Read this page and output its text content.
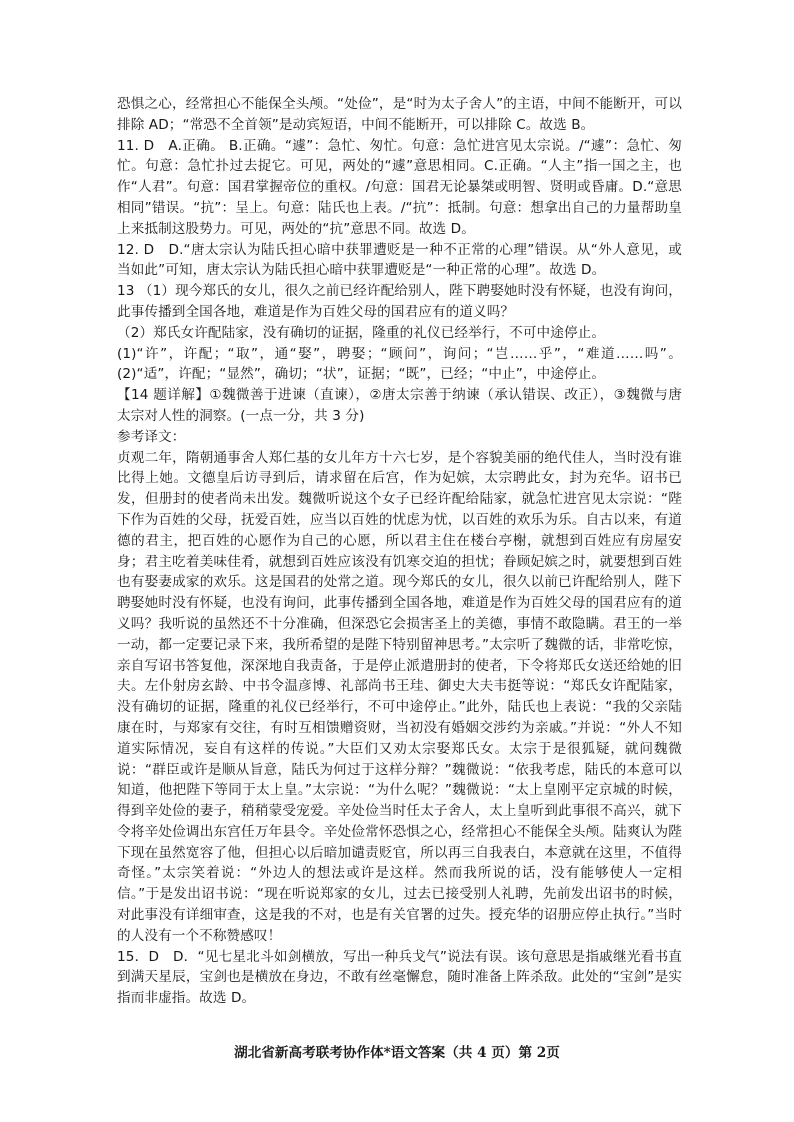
恐惧之心，经常担心不能保全头颅。“处俭”，是“时为太子舍人”的主语，中间不能断开，可以排除 AD；“常恐不全首领”是动宾短语，中间不能断开，可以排除 C。故选 B。

11. D　A.正确。 B.正确。“遽”：急忙、匆忙。句意：急忙进宫见太宗说。/“遽”：急忙、匆忙。句意：急忙扑过去捉它。可见，两处的“遽”意思相同。C.正确。“人主”指一国之主，也作“人君”。句意：国君掌握帝位的重权。/句意：国君无论暴桀或明智、贤明或昏庸。D.“意思相同”错误。“抗”：呈上。句意：陆氏也上表。/“抗”：抵制。句意：想拿出自己的力量帮助皇上来抵制这股势力。可见，两处的“抗”意思不同。故选 D。

12. D　D.“唐太宗认为陆氏担心暗中获罪遭贬是一种不正常的心理”错误。从“外人意见，或当如此”可知，唐太宗认为陆氏担心暗中获罪遭贬是“一种正常的心理”。故选 D。

13 （1）现今郑氏的女儿，很久之前已经许配给别人，陛下聘娶她时没有怀疑，也没有询问，此事传播到全国各地，难道是作为百姓父母的国君应有的道义吗？

（2）郑氏女许配陆家，没有确切的证据，隆重的礼仪已经举行，不可中途停止。

(1)“许”，许配；“取”，通“娶”，聘娶；“顾问”，询问；“岂……乎”，“难道……吗”。(2)“适”，许配；“显然”，确切；“状”，证据；“既”，已经；“中止”，中途停止。

【14 题详解】①魏微善于进谏（直谏），②唐太宗善于纳谏（承认错误、改正），③魏微与唐太宗对人性的洞察。(一点一分，共 3 分)

参考译文：

贞观二年，隋朝通事舍人郑仁基的女儿年方十六七岁，是个容貌美丽的绝代佳人，当时没有谁比得上她。文德皇后访寻到后，请求留在后宫，作为妃嫔，太宗聘此女，封为充华。诏书已发，但册封的使者尚未出发。魏微听说这个女子已经许配给陆家，就急忙进宫见太宗说：“陛下作为百姓的父母，抚爱百姓，应当以百姓的忧虑为忧，以百姓的欢乐为乐。自古以来，有道德的君主，把百姓的心愿作为自己的心愿，所以君主住在楼台亭榭，就想到百姓应有房屋安身；君主吃着美味佳肴，就想到百姓应该没有饥寒交迫的担忧；眷顾妃嫔之时，就要想到百姓也有娶妻成家的欢乐。这是国君的处常之道。现今郑氏的女儿，很久以前已许配给别人，陛下聘娶她时没有怀疑，也没有询问，此事传播到全国各地，难道是作为百姓父母的国君应有的道义吗？我听说的虽然还不十分准确，但深恐它会损害圣上的美德，事情不敢隐瞒。君王的一举一动，都一定要记录下来，我所希望的是陛下特别留神思考。”太宗听了魏微的话，非常吃惊，亲自写诏书答复他，深深地自我责备，于是停止派遣册封的使者，下令将郑氏女送还给她的旧夫。左仆射房玄龄、中书令温彦博、礼部尚书王珪、御史大夫韦挺等说：“郑氏女许配陆家，没有确切的证据，隆重的礼仪已经举行，不可中途停止。”此外，陆氏也上表说：“我的父亲陆康在时，与郑家有交往，有时互相馈赠资财，当初没有婚姻交涉约为亲戚。”并说：“外人不知道实际情况，妄自有这样的传说。”大臣们又劝太宗娶郑氏女。太宗于是很狐疑，就问魏微说：“群臣或许是顺从旨意，陆氏为何过于这样分辩？”魏微说：“依我考虑，陆氏的本意可以知道，他把陛下等同于太上皇。”太宗说：“为什么呢？”魏微说：“太上皇刚平定京城的时候，得到辛处俭的妻子，稍稍蒙受宠爱。辛处俭当时任太子舍人，太上皇听到此事很不高兴，就下令将辛处俭调出东宫任万年县令。辛处俭常怀恐惧之心，经常担心不能保全头颅。陆爽认为陛下现在虽然宽容了他，但担心以后暗加谴责贬官，所以再三自我表白，本意就在这里，不值得奇怪。”太宗笑着说：“外边人的想法或许是这样。然而我所说的话，没有能够使人一定相信。”于是发出诏书说：“现在听说郑家的女儿，过去已接受别人礼聘，先前发出诏书的时候，对此事没有详细审查，这是我的不对，也是有关官署的过失。授充华的诏册应停止执行。”当时的人没有一个不称赞感叹！

15．D　D．“见七星北斗如剑横放，写出一种兵戈气”说法有误。该句意思是指戚继光看书直到满天星辰，宝剑也是横放在身边，不敢有丝毫懈怠，随时准备上阵杀敌。此处的“宝剑”是实指而非虚指。故选 D。

湖北省新高考联考协作体*语文答案（共 4 页）第 2页
